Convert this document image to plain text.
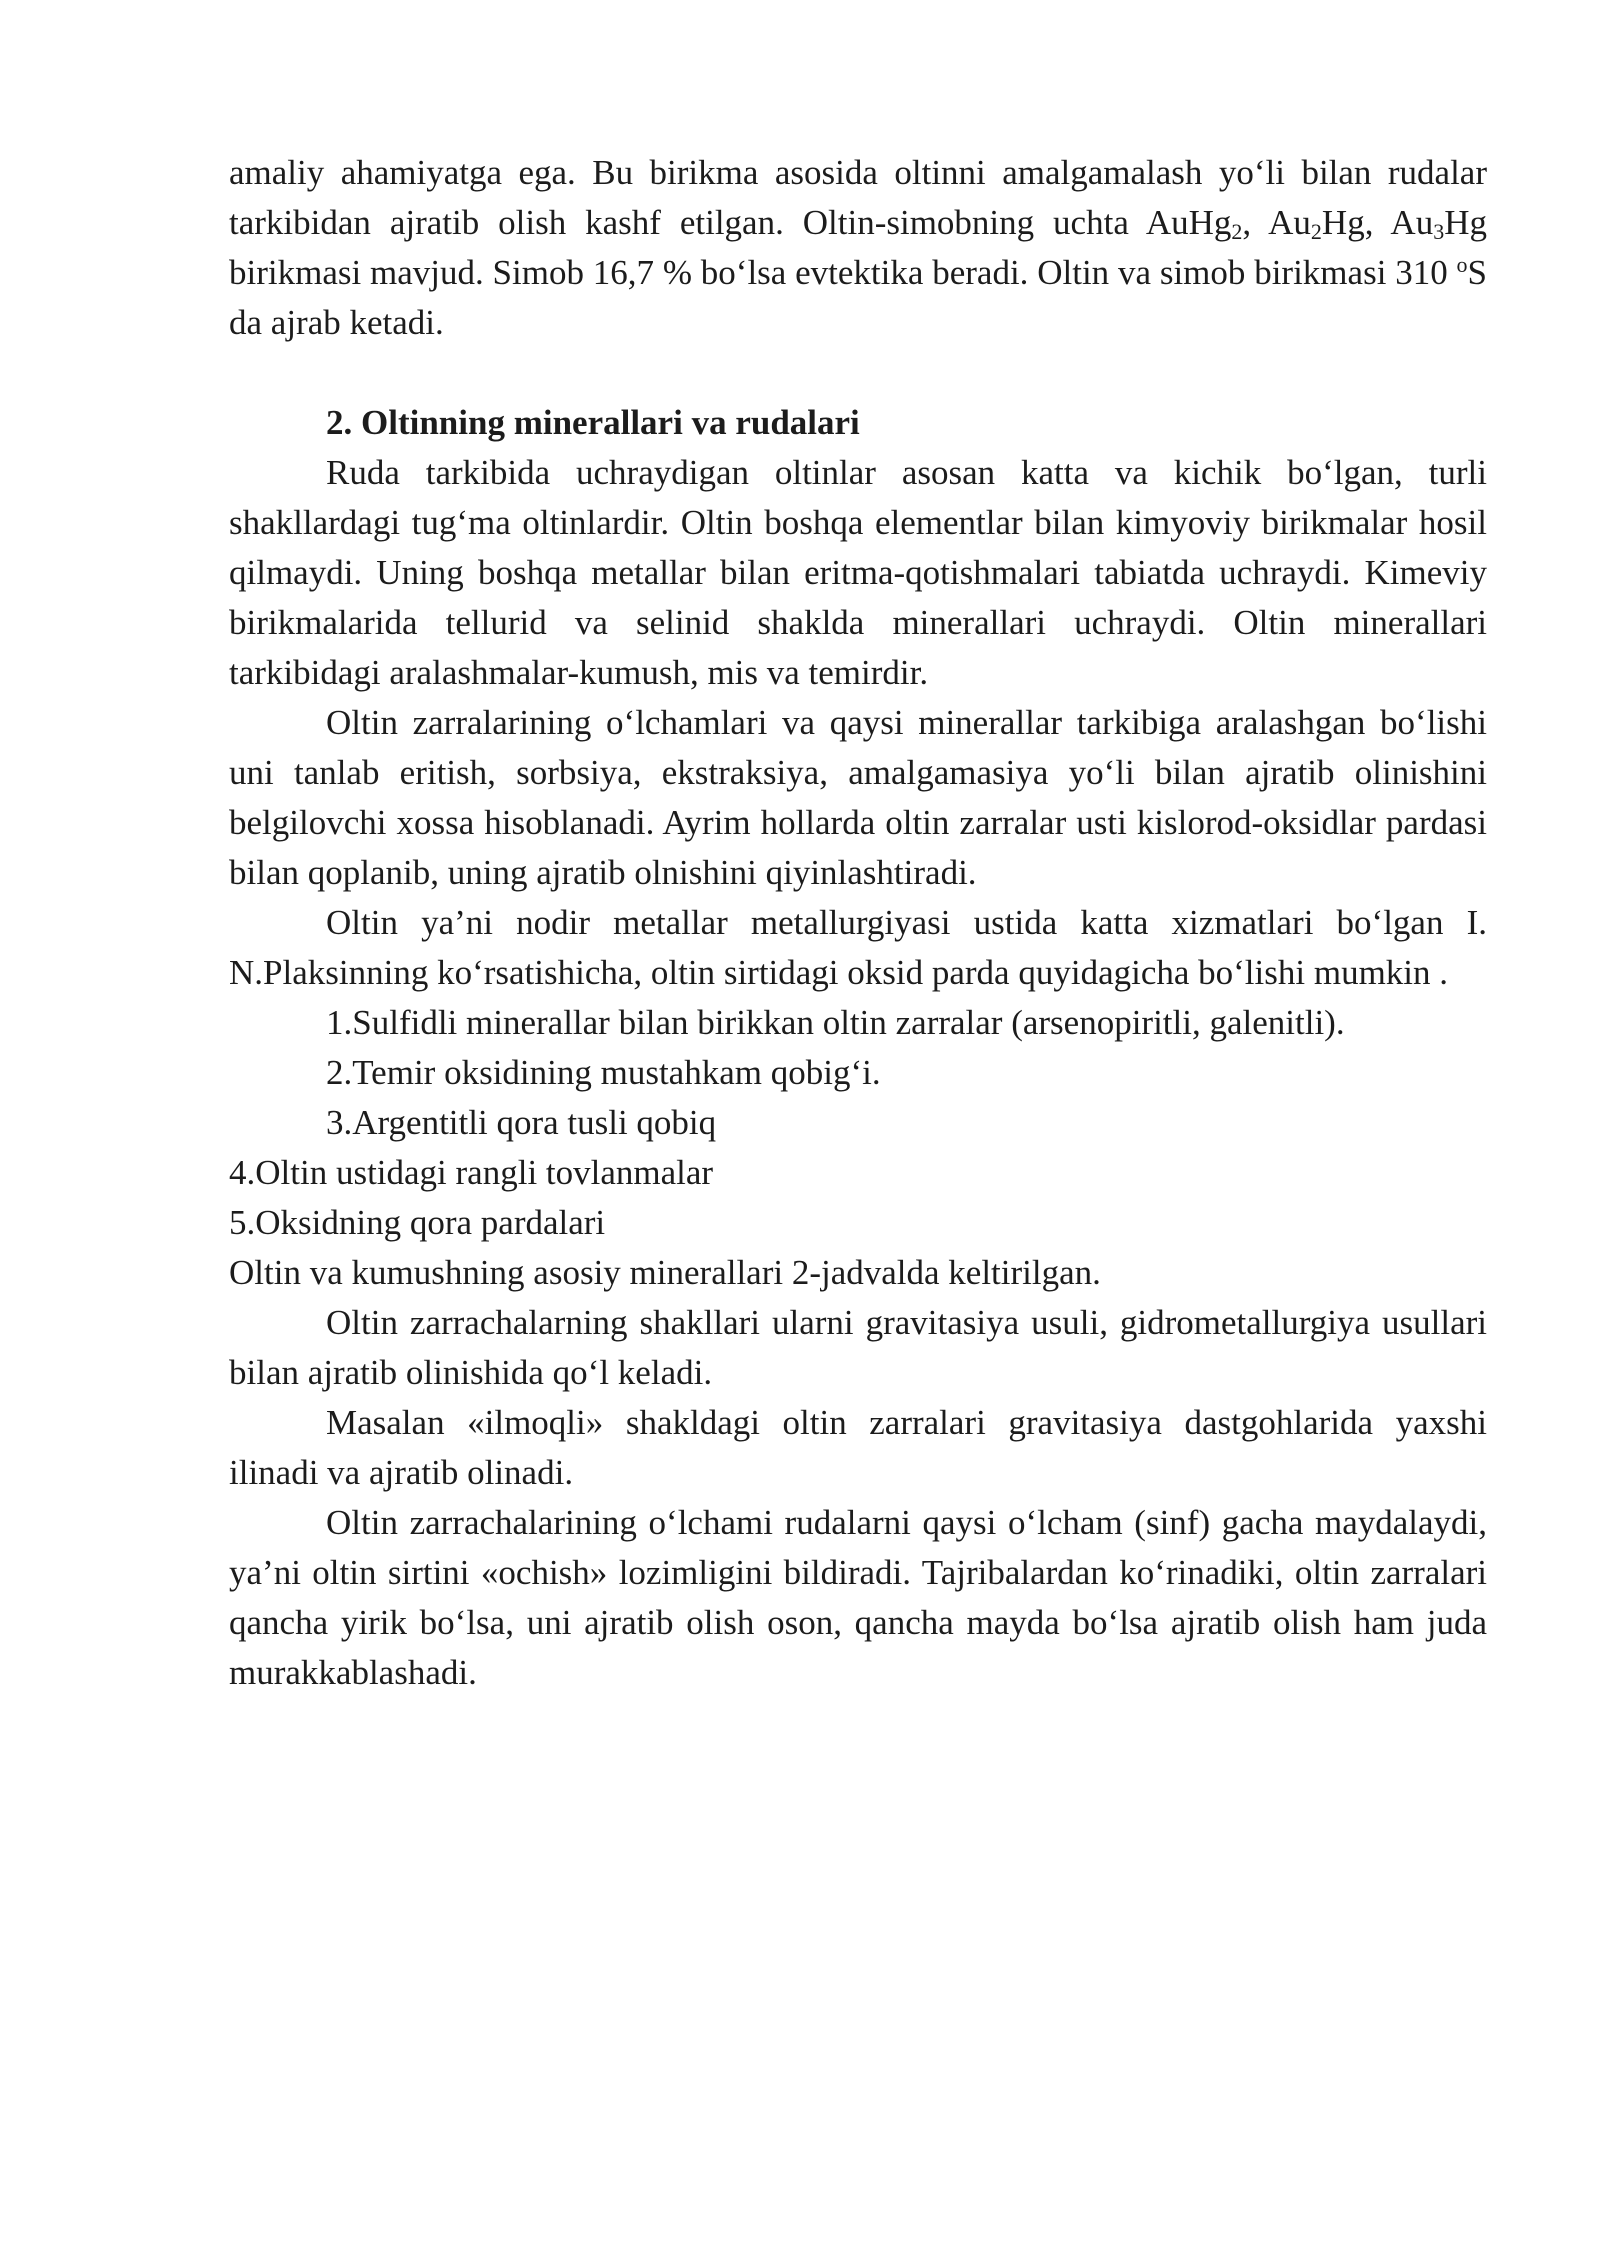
amaliy ahamiyatga ega. Bu birikma asosida oltinni amalgamalash yo‘li bilan rudalar tarkibidan ajratib olish kashf etilgan. Oltin-simobning uchta AuHg$_2$, $Au_2Hg$, $Au_3Hg$ birikmasi mavjud. Simob 16,7 % bo‘lsa evtektika beradi. Oltin va simob birikmasi 310 $^o$S da ajrab ketadi.

2. Oltinning minerallari va rudalari

Ruda tarkibida uchraydigan oltinlar asosan katta va kichik bo‘lgan, turli shakllardagi tug‘ma oltinlardir. Oltin boshqa elementlar bilan kimyoviy birikmalar hosil qilmaydi. Uning boshqa metallar bilan eritma-qotishmalari tabiatda uchraydi. Kimeviy birikmalarida tellurid va selinid shaklda minerallari uchraydi. Oltin minerallari tarkibidagi aralashmalar-kumush, mis va temirdir.

Oltin zarralarining o‘lchamlari va qaysi minerallar tarkibiga aralashgan bo‘lishi uni tanlab eritish, sorbsiya, ekstraksiya, amalgamasiya yo‘li bilan ajratib olinishini belgilovchi xossa hisoblanadi. Ayrim hollarda oltin zarralar usti kislorod-oksidlar pardasi bilan qoplanib, uning ajratib olnishini qiyinlashtiradi.

Oltin ya’ni nodir metallar metallurgiyasi ustida katta xizmatlari bo‘lgan I. N.Plaksinning ko‘rsatishicha, oltin sirtidagi oksid parda quyidagicha bo‘lishi mumkin .

1.Sulfidli minerallar bilan birikkan oltin zarralar (arsenopiritli, galenitli).

2.Temir oksidining mustahkam qobig‘i.

3.Argentitli qora tusli qobiq

4.Oltin ustidagi rangli tovlanmalar

5.Oksidning qora pardalari

Oltin va kumushning asosiy minerallari 2-jadvalda keltirilgan.

Oltin zarrachalarning shakllari ularni gravitasiya usuli, gidrometallurgiya usullari bilan ajratib olinishida qo‘l keladi.

Masalan «ilmoqli» shakldagi oltin zarralari gravitasiya dastgohlarida yaxshi ilinadi va ajratib olinadi.

Oltin zarrachalarining o‘lchami rudalarni qaysi o‘lcham (sinf) gacha maydalaydi, ya’ni oltin sirtini «ochish» lozimligini bildiradi. Tajribalardan ko‘rinadiki, oltin zarralari qancha yirik bo‘lsa, uni ajratib olish oson, qancha mayda bo‘lsa ajratib olish ham juda murakkablashadi.
